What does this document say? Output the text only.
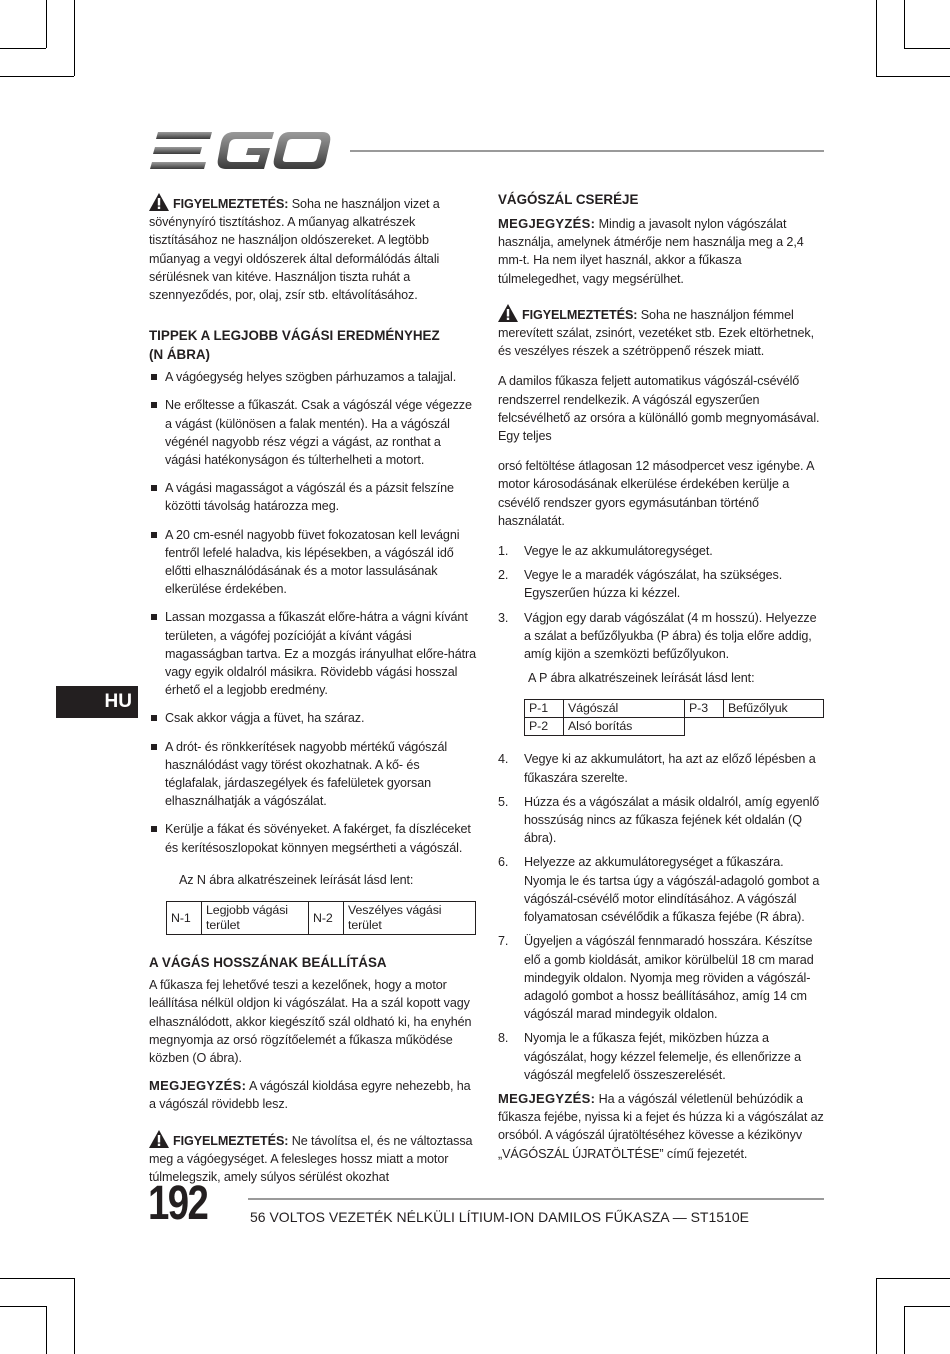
FIGYELMEZTETÉS: Soha ne használjon vizet a sövénynyíró tisztításhoz. A műanyag alkatrészek tisztításához ne használjon oldószereket. A legtöbb műanyag a vegyi oldószerek által deformálódás általi sérülésnek van kitéve. Használjon tiszta ruhát a szennyeződés, por, olaj, zsír stb. eltávolításához.

TIPPEK A LEGJOBB VÁGÁSI EREDMÉNYHEZ (N ÁBRA)
A vágóegység helyes szögben párhuzamos a talajjal.
Ne erőltesse a fűkaszát. Csak a vágószál vége végezze a vágást (különösen a falak mentén). Ha a vágószál végénél nagyobb rész végzi a vágást, az ronthat a vágási hatékonyságon és túlterhelheti a motort.
A vágási magasságot a vágószál és a pázsit felszíne közötti távolság határozza meg.
A 20 cm-esnél nagyobb füvet fokozatosan kell levágni fentről lefelé haladva, kis lépésekben, a vágószál idő előtti elhasználódásának és a motor lassulásának elkerülése érdekében.
Lassan mozgassa a fűkaszát előre-hátra a vágni kívánt területen, a vágófej pozícióját a kívánt vágási magasságban tartva. Ez a mozgás irányulhat előre-hátra vagy egyik oldalról másikra. Rövidebb vágási hosszal érhető el a legjobb eredmény.
Csak akkor vágja a füvet, ha száraz.
A drót- és rönkkerítések nagyobb mértékű vágószál használódást vagy törést okozhatnak. A kő- és téglafalak, járdaszegélyek és fafelületek gyorsan elhasználhatják a vágószálat.
Kerülje a fákat és sövényeket. A fakérget, fa díszléceket és kerítésoszlopokat könnyen megsértheti a vágószál.

Az N ábra alkatrészeinek leírását lásd lent:

N-1	Legjobb vágási terület	N-2	Veszélyes vágási terület
A VÁGÁS HOSSZÁNAK BEÁLLÍTÁSA

A fűkasza fej lehetővé teszi a kezelőnek, hogy a motor leállítása nélkül oldjon ki vágószálat. Ha a szál kopott vagy elhasználódott, akkor kiegészítő szál oldható ki, ha enyhén megnyomja az orsó rögzítőelemét a fűkasza működése közben (O ábra).

MEGJEGYZÉS: A vágószál kioldása egyre nehezebb, ha a vágószál rövidebb lesz.

FIGYELMEZTETÉS: Ne távolítsa el, és ne változtassa meg a vágóegységet. A felesleges hossz miatt a motor túlmelegszik, amely súlyos sérülést okozhat

VÁGÓSZÁL CSERÉJE

MEGJEGYZÉS: Mindig a javasolt nylon vágószálat használja, amelynek átmérője nem használja meg a 2,4 mm-t. Ha nem ilyet használ, akkor a fűkasza túlmelegedhet, vagy megsérülhet.

FIGYELMEZTETÉS: Soha ne használjon fémmel merevített szálat, zsinórt, vezetéket stb. Ezek eltörhetnek, és veszélyes részek a szétröppenő részek miatt.

A damilos fűkasza feljett automatikus vágószál-csévélő rendszerrel rendelkezik. A vágószál egyszerűen felcsévélhető az orsóra a különálló gomb megnyomásával. Egy teljes

orsó feltöltése átlagosan 12 másodpercet vesz igénybe. A motor károsodásának elkerülése érdekében kerülje a csévélő rendszer gyors egymásutánban történő használatát.

1. Vegye le az akkumulátoregységet.
2. Vegye le a maradék vágószálat, ha szükséges. Egyszerűen húzza ki kézzel.
3. Vágjon egy darab vágószálat (4 m hosszú). Helyezze a szálat a befűzőlyukba (P ábra) és tolja előre addig, amíg kijön a szemközti befűzőlyukon.

A P ábra alkatrészeinek leírását lásd lent:

P-1	Vágószál	P-3	Befűzőlyuk
P-2	Alsó borítás		
4. Vegye ki az akkumulátort, ha azt az előző lépésben a fűkaszára szerelte.
5. Húzza és a vágószálat a másik oldalról, amíg egyenlő hosszúság nincs az fűkasza fejének két oldalán (Q ábra).
6. Helyezze az akkumulátoregységet a fűkaszára. Nyomja le és tartsa úgy a vágószál-adagoló gombot a vágószál-csévélő motor elindításához. A vágószál folyamatosan csévélődik a fűkasza fejébe (R ábra).
7. Ügyeljen a vágószál fennmaradó hosszára. Készítse elő a gomb kioldását, amikor körülbelül 18 cm marad mindegyik oldalon. Nyomja meg röviden a vágószál-adagoló gombot a hossz beállításához, amíg 14 cm vágószál marad mindegyik oldalon.
8. Nyomja le a fűkasza fejét, miközben húzza a vágószálat, hogy kézzel felemelje, és ellenőrizze a vágószál megfelelő összeszerelését.

MEGJEGYZÉS: Ha a vágószál véletlenül behúzódik a fűkasza fejébe, nyissa ki a fejet és húzza ki a vágószálat az orsóból. A vágószál újratöltéséhez kövesse a kézikönyv „VÁGÓSZÁL ÚJRATÖLTÉSE” című fejezetét.

HU
192	56 VOLTOS VEZETÉK NÉLKÜLI LÍTIUM-ION DAMILOS FŰKASZA — ST1510E
